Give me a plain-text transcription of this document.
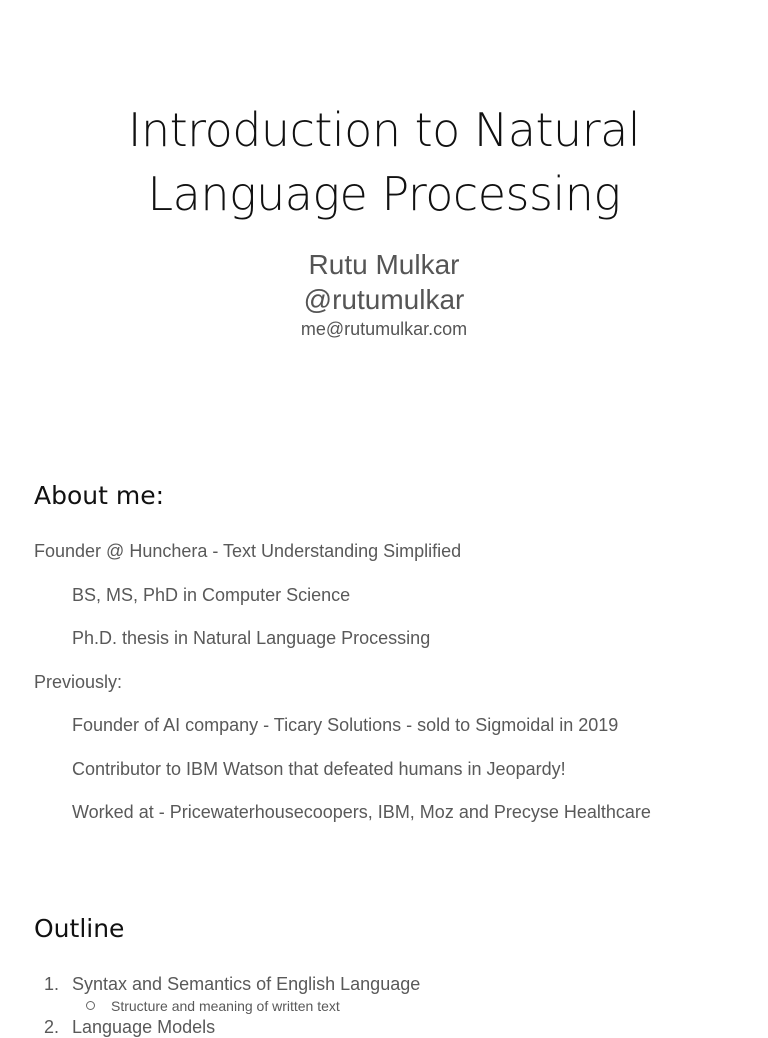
Introduction to Natural
Language Processing
Rutu Mulkar
@rutumulkar
me@rutumulkar.com
About me:
Founder @ Hunchera - Text Understanding Simplified
BS, MS, PhD in Computer Science
Ph.D. thesis in Natural Language Processing
Previously:
Founder of AI company - Ticary Solutions - sold to Sigmoidal in 2019
Contributor to IBM Watson that defeated humans in Jeopardy!
Worked at - Pricewaterhousecoopers, IBM, Moz and Precyse Healthcare
Outline
1. Syntax and Semantics of English Language
Structure and meaning of written text
2. Language Models
